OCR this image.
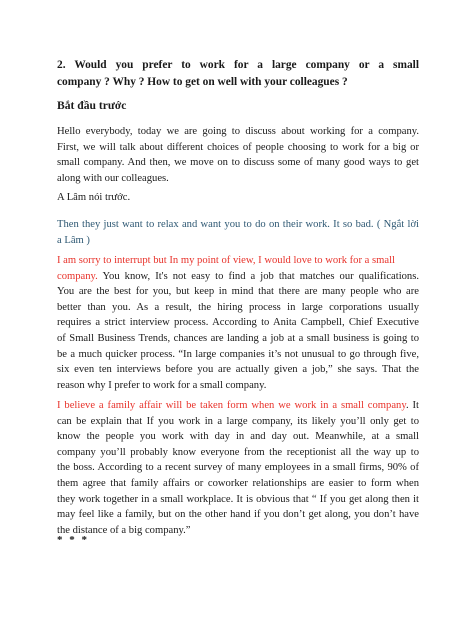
2. Would you prefer to work for a large company or a small
company ? Why ? How to get on well with your colleagues ?
Bắt đầu trước
Hello everybody, today we are going to discuss about working for a company.
First, we will talk about different choices of people choosing to work for a big or
small company. And then, we move on to discuss some of many good ways to get
along with our colleagues.
A Lâm nói trước.
Then they just want to relax and want you to do on their work. It so bad. ( Ngắt lời
a Lâm )
I am sorry to interrupt but In my point of view, I would love to work for a small
company. You know, It's not easy to find a job that matches our qualifications.
You are the best for you, but keep in mind that there are many people who are
better than you. As a result, the hiring process in large corporations usually
requires a strict interview process. According to Anita Campbell, Chief Executive
of Small Business Trends, chances are landing a job at a small business is going to
be a much quicker process. “In large companies it’s not unusual to go through five,
six even ten interviews before you are actually given a job,” she says. That the
reason why I prefer to work for a small company.
I believe a family affair will be taken form when we work in a small company. It
can be explain that If you work in a large company, its likely you’ll only get to
know the people you work with day in and day out. Meanwhile, at a small
company you’ll probably know everyone from the receptionist all the way up to
the boss. According to a recent survey of many employees in a small firms, 90% of
them agree that family affairs or coworker relationships are easier to form when
they work together in a small workplace. It is obvious that “ If you get along then it
may feel like a family, but on the other hand if you don’t get along, you don’t have
the distance of a big company.”
* * *
